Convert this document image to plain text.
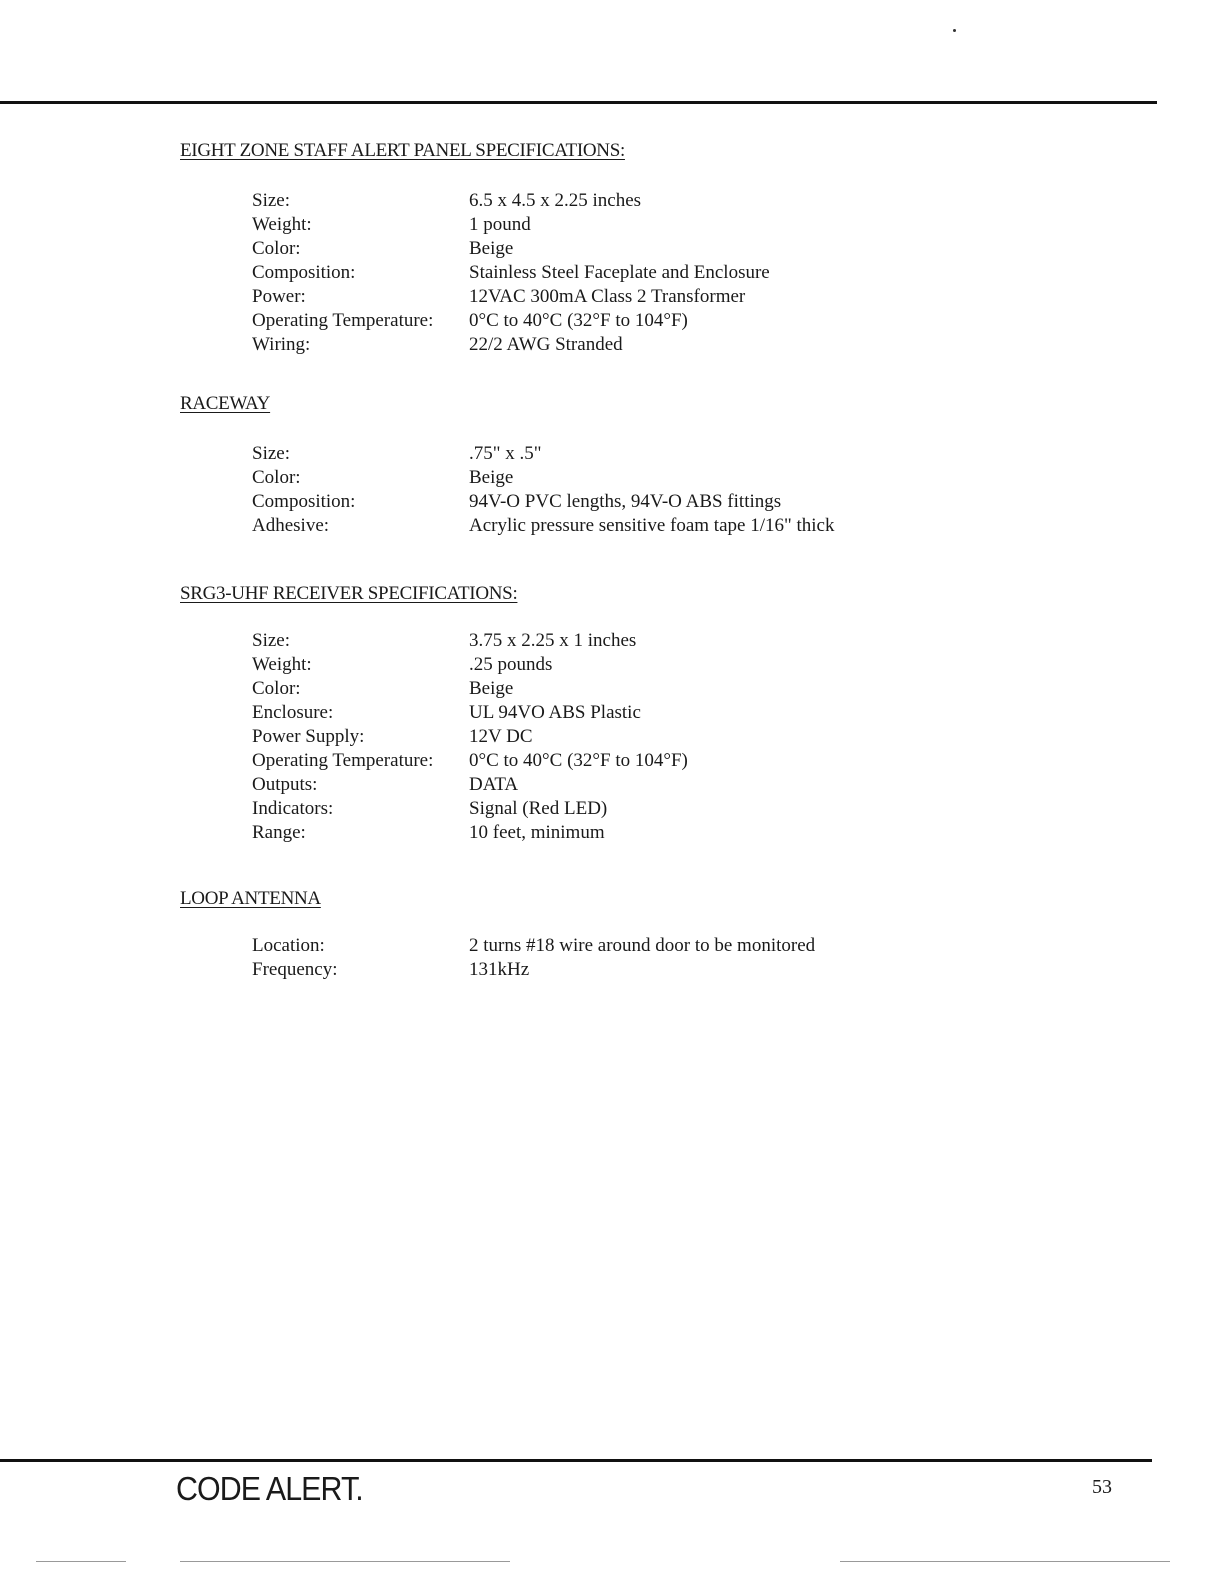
EIGHT ZONE STAFF ALERT PANEL SPECIFICATIONS:
Size:	6.5 x 4.5 x 2.25 inches
Weight:	1 pound
Color:	Beige
Composition:	Stainless Steel Faceplate and Enclosure
Power:	12VAC 300mA Class 2 Transformer
Operating Temperature:	0°C to 40°C (32°F to 104°F)
Wiring:	22/2 AWG Stranded
RACEWAY
Size:	.75" x .5"
Color:	Beige
Composition:	94V-O PVC lengths, 94V-O ABS fittings
Adhesive:	Acrylic pressure sensitive foam tape 1/16" thick
SRG3-UHF RECEIVER SPECIFICATIONS:
Size:	3.75 x 2.25 x 1 inches
Weight:	.25 pounds
Color:	Beige
Enclosure:	UL 94VO ABS Plastic
Power Supply:	12V DC
Operating Temperature:	0°C to 40°C (32°F to 104°F)
Outputs:	DATA
Indicators:	Signal (Red LED)
Range:	10 feet, minimum
LOOP ANTENNA
Location:	2 turns #18 wire around door to be monitored
Frequency:	131kHz
CODE ALERT.	53
